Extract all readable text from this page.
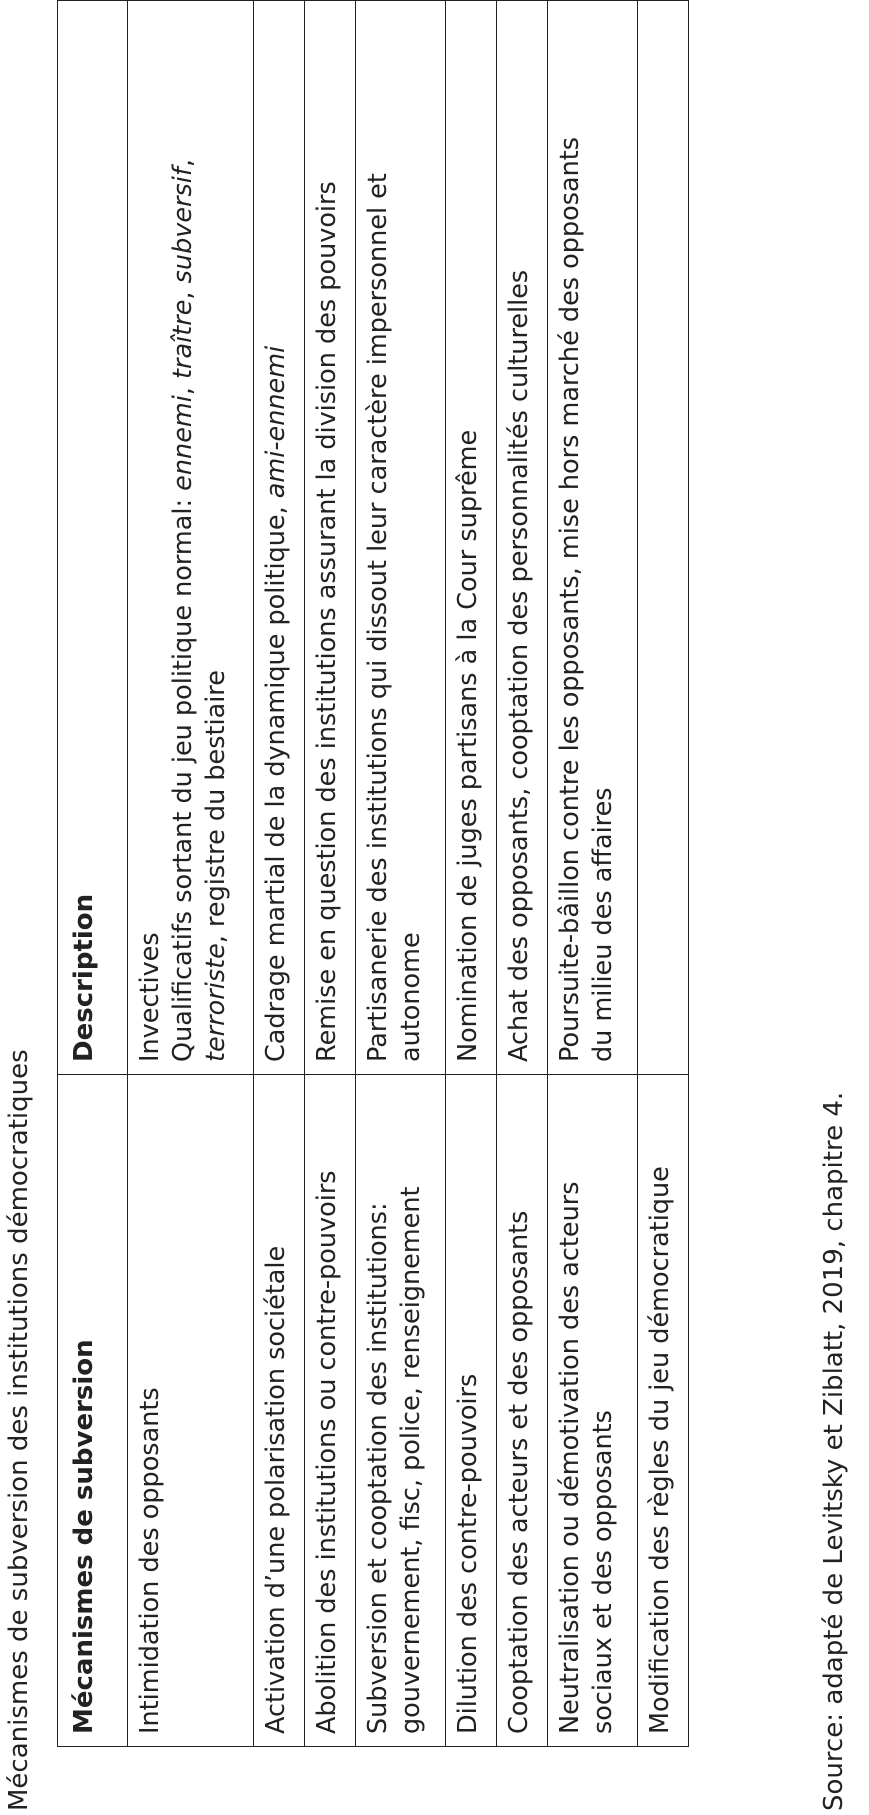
Mécanismes de subversion des institutions démocratiques Mécanismes de subversion	Description

Intimidation des opposants	Invectives Qualificatifs sortant du jeu politique normal: ennemi, traître, subversif,
terroriste, registre du bestiaire

Activation d’une polarisation sociétale	Cadrage martial de la dynamique politique, ami-ennemi

Abolition des institutions ou contre-pouvoirs	Remise en question des institutions assurant la division des pouvoirs

Subversion et cooptation des institutions: gouvernement, fisc, police, renseignement	Partisanerie des institutions qui dissout leur caractère impersonnel et autonome

Dilution des contre-pouvoirs	Nomination de juges partisans à la Cour suprême

Cooptation des acteurs et des opposants	Achat des opposants, cooptation des personnalités culturelles

Neutralisation ou démotivation des acteurs sociaux et des opposants	Poursuite-bâillon contre les opposants, mise hors marché des opposants du milieu des affaires

Modification des règles du jeu démocratique	
		Source: adapté de Levitsky et Ziblatt, 2019, chapitre 4.
